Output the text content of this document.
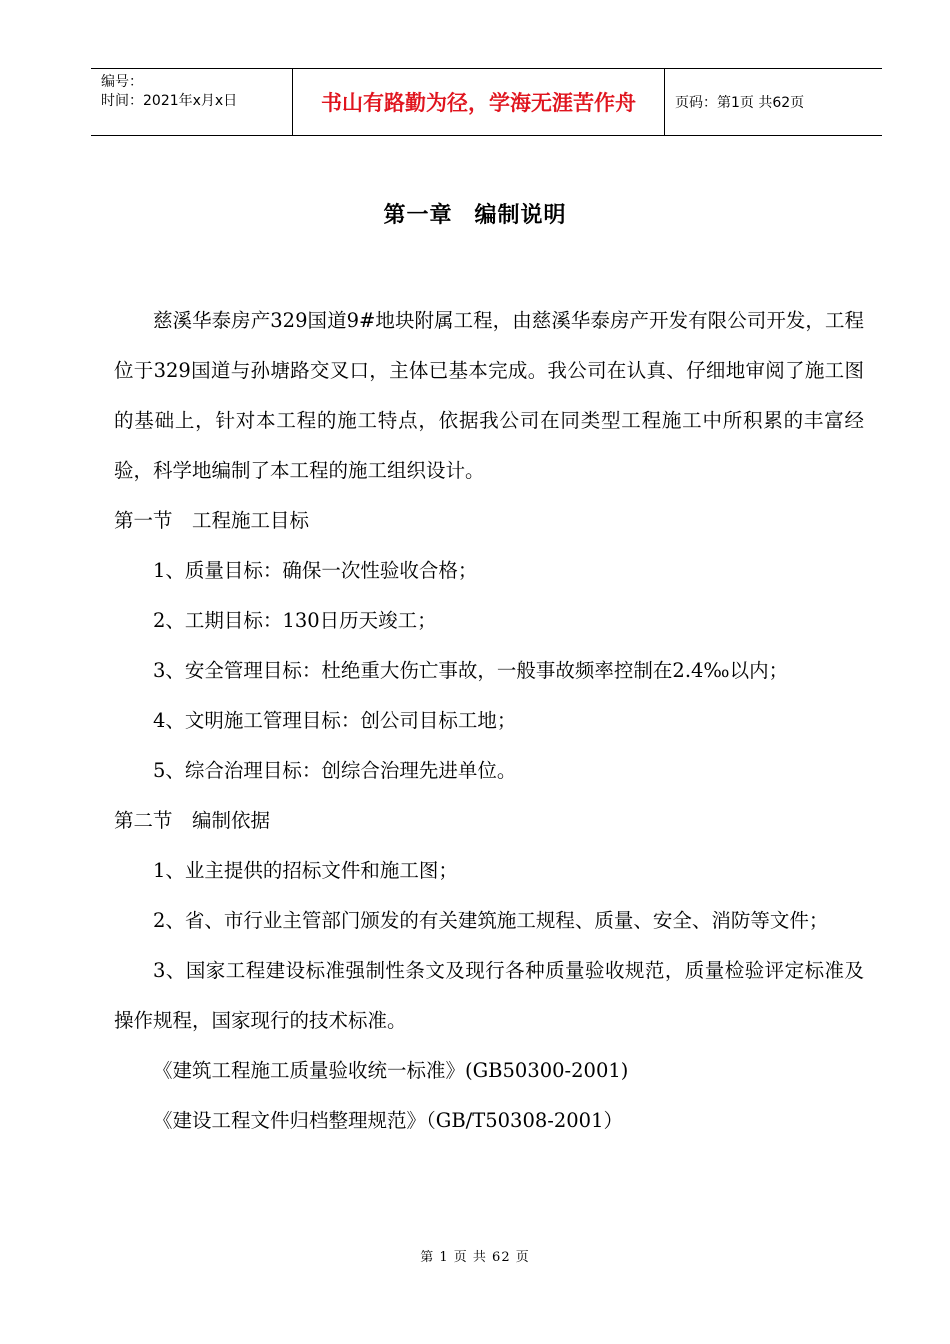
编号：
时间：2021年x月x日	书山有路勤为径，学海无涯苦作舟	页码：第1页 共62页
第一章 编制说明

慈溪华泰房产329国道9#地块附属工程，由慈溪华泰房产开发有限公司开发，工程位于329国道与孙塘路交叉口，主体已基本完成。我公司在认真、仔细地审阅了施工图的基础上，针对本工程的施工特点，依据我公司在同类型工程施工中所积累的丰富经验，科学地编制了本工程的施工组织设计。

第一节　工程施工目标

1、质量目标：确保一次性验收合格；

2、工期目标：130日历天竣工；

3、安全管理目标：杜绝重大伤亡事故，一般事故频率控制在2.4‰以内；

4、文明施工管理目标：创公司目标工地；

5、综合治理目标：创综合治理先进单位。

第二节　编制依据

1、业主提供的招标文件和施工图；

2、省、市行业主管部门颁发的有关建筑施工规程、质量、安全、消防等文件；

3、国家工程建设标准强制性条文及现行各种质量验收规范，质量检验评定标准及操作规程，国家现行的技术标准。

《建筑工程施工质量验收统一标准》(GB50300-2001)

《建设工程文件归档整理规范》（GB/T50308-2001）

第 1 页 共 62 页
